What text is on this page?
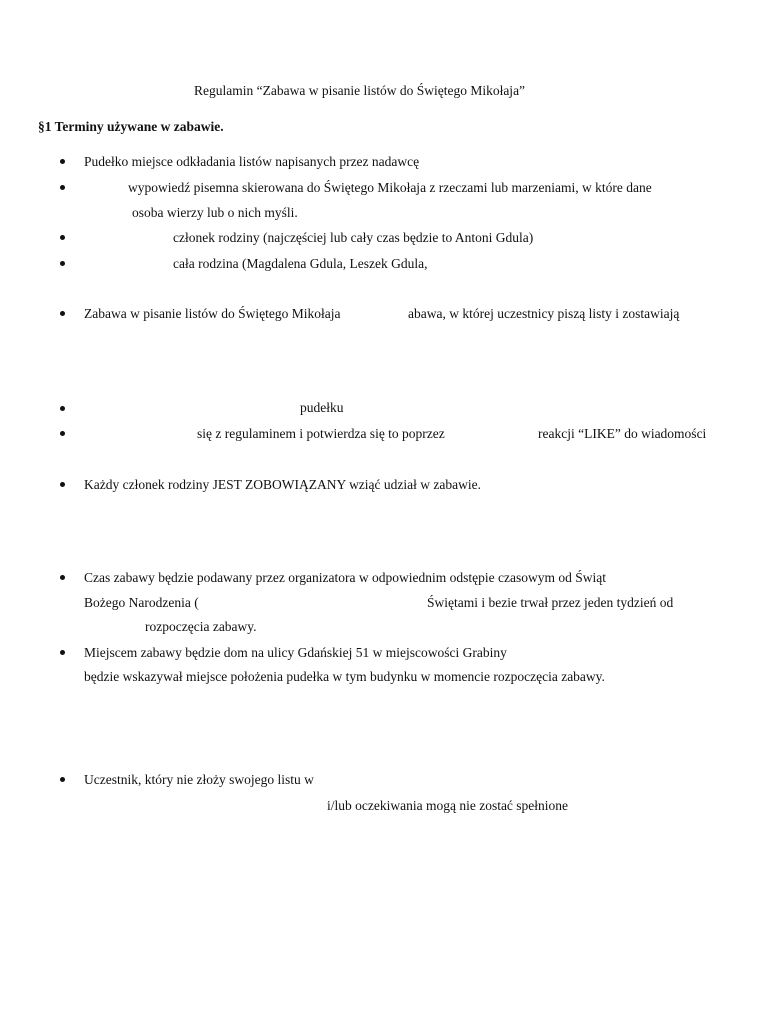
Regulamin “Zabawa w pisanie listów do Świętego Mikołaja”
§1 Terminy używane w zabawie.
Pudełko miejsce odkładania listów napisanych przez nadawcę
wypowiedź pisemna skierowana do Świętego Mikołaja z rzeczami lub marzeniami, w które dane
osoba wierzy lub o nich myśli.
członek rodziny (najczęściej lub cały czas będzie to Antoni Gdula)
cała rodzina (Magdalena Gdula, Leszek Gdula,
Zabawa w pisanie listów do Świętego Mikołaja	abawa, w której uczestnicy piszą listy i zostawiają
pudełku
się z regulaminem i potwierdza się to poprzez	reakcji “LIKE” do wiadomości
Każdy członek rodziny JEST ZOBOWIĄZANY wziąć udział w zabawie.
Czas zabawy będzie podawany przez organizatora w odpowiednim odstępie czasowym od Świąt
Bożego Narodzenia (	Świętami i bezie trwał przez jeden tydzień od
rozpoczęcia zabawy.
Miejscem zabawy będzie dom na ulicy Gdańskiej 51 w miejscowości Grabiny
będzie wskazywał miejsce położenia pudełka w tym budynku w momencie rozpoczęcia zabawy.
Uczestnik, który nie złoży swojego listu w
i/lub oczekiwania mogą nie zostać spełnione
